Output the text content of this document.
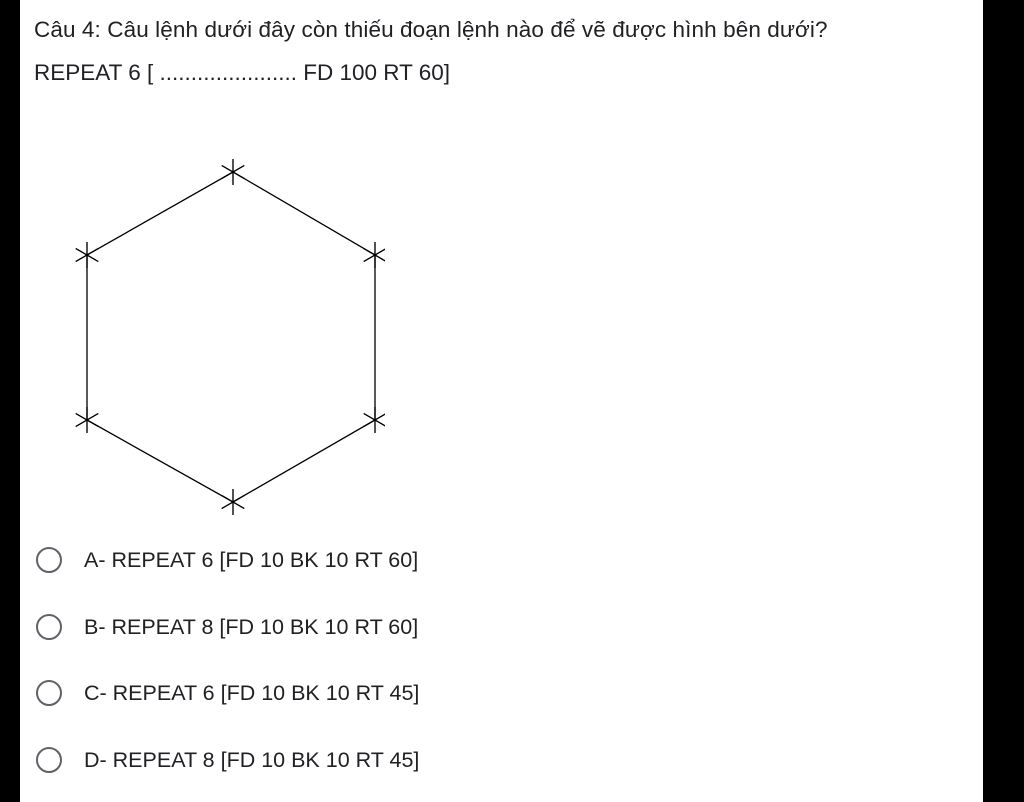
Câu 4: Câu lệnh dưới đây còn thiếu đoạn lệnh nào để vẽ được hình bên dưới?
REPEAT 6 [ ...................... FD 100 RT 60]
A- REPEAT 6 [FD 10 BK 10 RT 60]
B- REPEAT 8 [FD 10 BK 10 RT 60]
C- REPEAT 6 [FD 10 BK 10 RT 45]
D- REPEAT 8 [FD 10 BK 10 RT 45]
